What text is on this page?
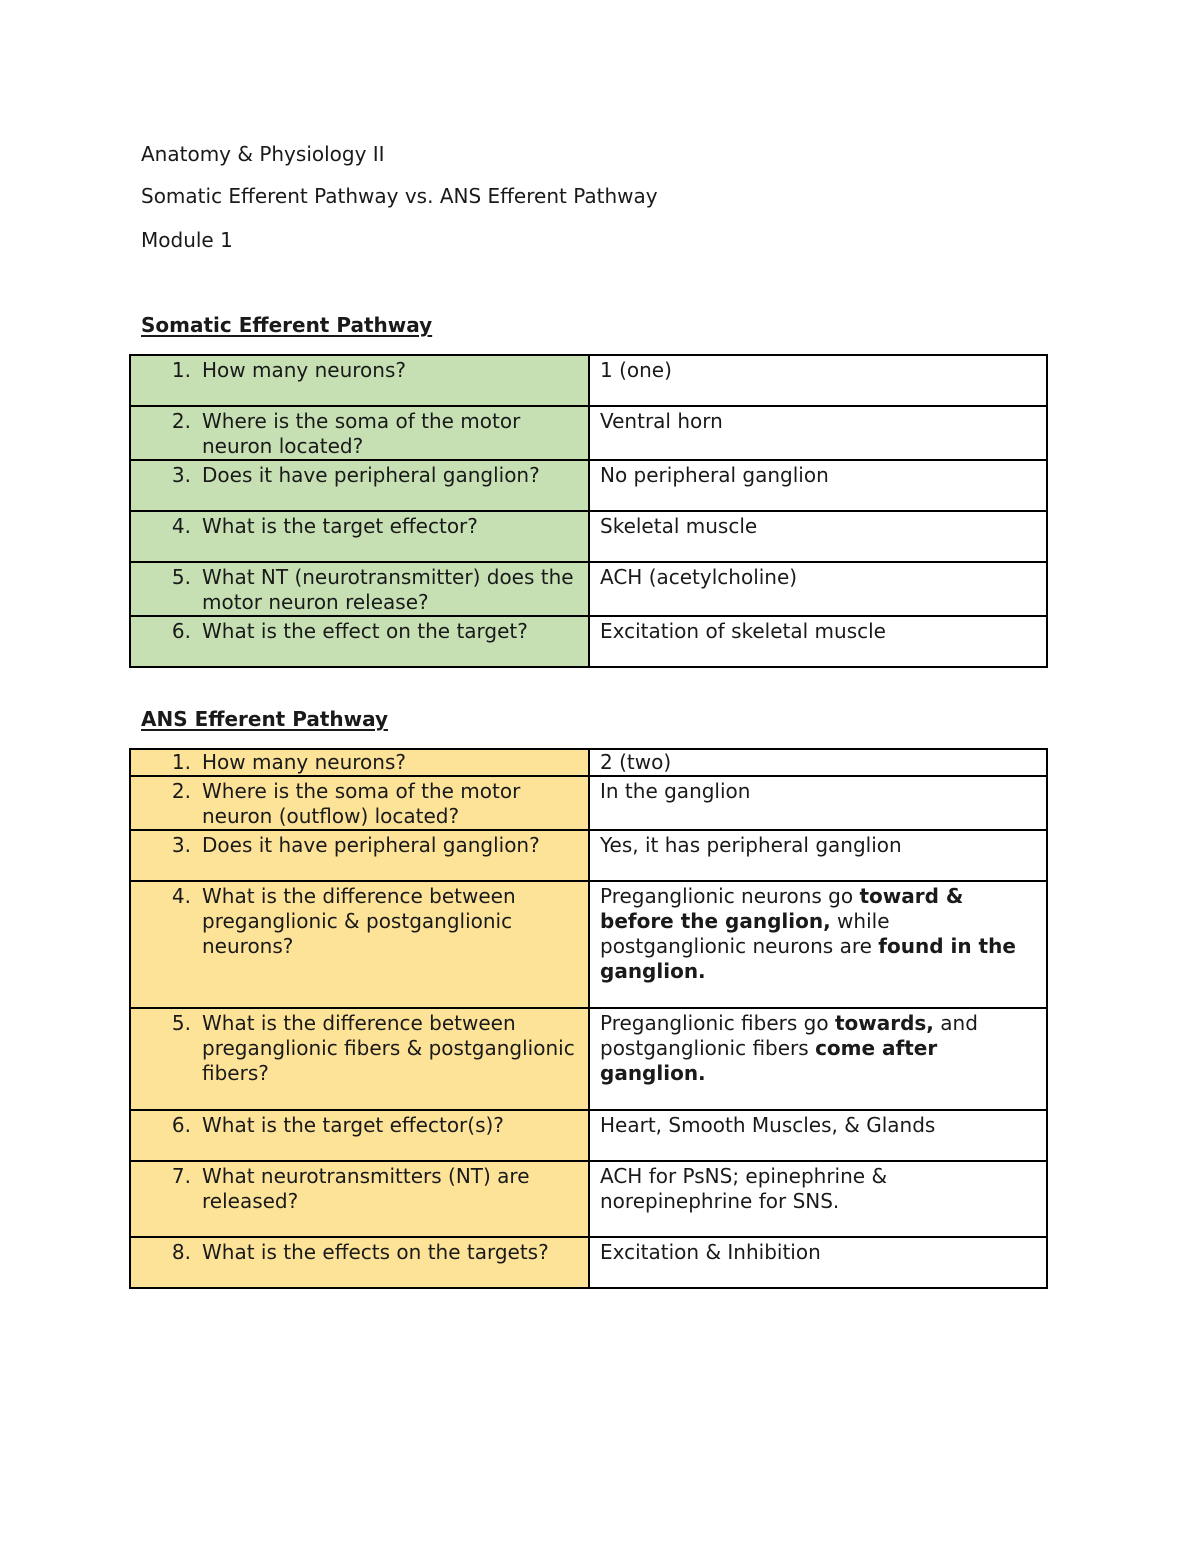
Anatomy & Physiology II
Somatic Efferent Pathway vs. ANS Efferent Pathway
Module 1
Somatic Efferent Pathway
1. How many neurons?	1 (one)

2. Where is the soma of the motor neuron located?	Ventral horn

3. Does it have peripheral ganglion?	No peripheral ganglion

4. What is the target effector?	Skeletal muscle

5. What NT (neurotransmitter) does the motor neuron release?	ACH (acetylcholine)

6. What is the effect on the target?	Excitation of skeletal muscle
ANS Efferent Pathway
1. How many neurons?	2 (two)

2. Where is the soma of the motor neuron (outflow) located?	In the ganglion

3. Does it have peripheral ganglion?	Yes, it has peripheral ganglion

4. What is the difference between preganglionic & postganglionic neurons?	Preganglionic neurons go toward & before the ganglion, while postganglionic neurons are found in the ganglion.

5. What is the difference between preganglionic fibers & postganglionic fibers?	Preganglionic fibers go towards, and postganglionic fibers come after ganglion.

6. What is the target effector(s)?	Heart, Smooth Muscles, & Glands

7. What neurotransmitters (NT) are released?	ACH for PsNS; epinephrine & norepinephrine for SNS.

8. What is the effects on the targets?	Excitation & Inhibition
